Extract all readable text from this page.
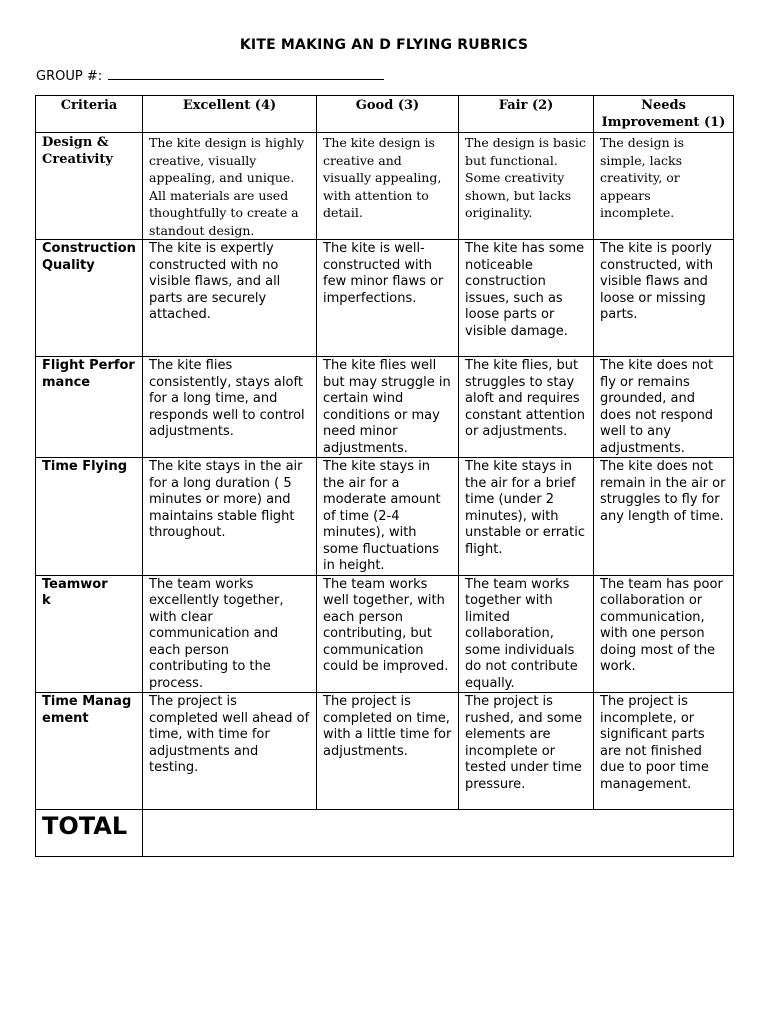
KITE MAKING AN D FLYING RUBRICS
GROUP #:
Criteria	Excellent (4)	Good (3)	Fair (2)	Needs Improvement (1)
Design & Creativity	The kite design is highly creative, visually appealing, and unique. All materials are used thoughtfully to create a standout design.	The kite design is creative and visually appealing, with attention to detail.	The design is basic but functional. Some creativity shown, but lacks originality.	The design is simple, lacks creativity, or appears incomplete.
Construction Quality	The kite is expertly constructed with no visible flaws, and all parts are securely attached.	The kite is well-constructed with few minor flaws or imperfections.	The kite has some noticeable construction issues, such as loose parts or visible damage.	The kite is poorly constructed, with visible flaws and loose or missing parts.
Flight Performance	The kite flies consistently, stays aloft for a long time, and responds well to control adjustments.	The kite flies well but may struggle in certain wind conditions or may need minor adjustments.	The kite flies, but struggles to stay aloft and requires constant attention or adjustments.	The kite does not fly or remains grounded, and does not respond well to any adjustments.
Time Flying	The kite stays in the air for a long duration ( 5 minutes or more) and maintains stable flight throughout.	The kite stays in the air for a moderate amount of time (2-4 minutes), with some fluctuations in height.	The kite stays in the air for a brief time (under 2 minutes), with unstable or erratic flight.	The kite does not remain in the air or struggles to fly for any length of time.
Teamwork	The team works excellently together, with clear communication and each person contributing to the process.	The team works well together, with each person contributing, but communication could be improved.	The team works together with limited collaboration, some individuals do not contribute equally.	The team has poor collaboration or communication, with one person doing most of the work.
Time Management	The project is completed well ahead of time, with time for adjustments and testing.	The project is completed on time, with a little time for adjustments.	The project is rushed, and some elements are incomplete or tested under time pressure.	The project is incomplete, or significant parts are not finished due to poor time management.
TOTAL				
